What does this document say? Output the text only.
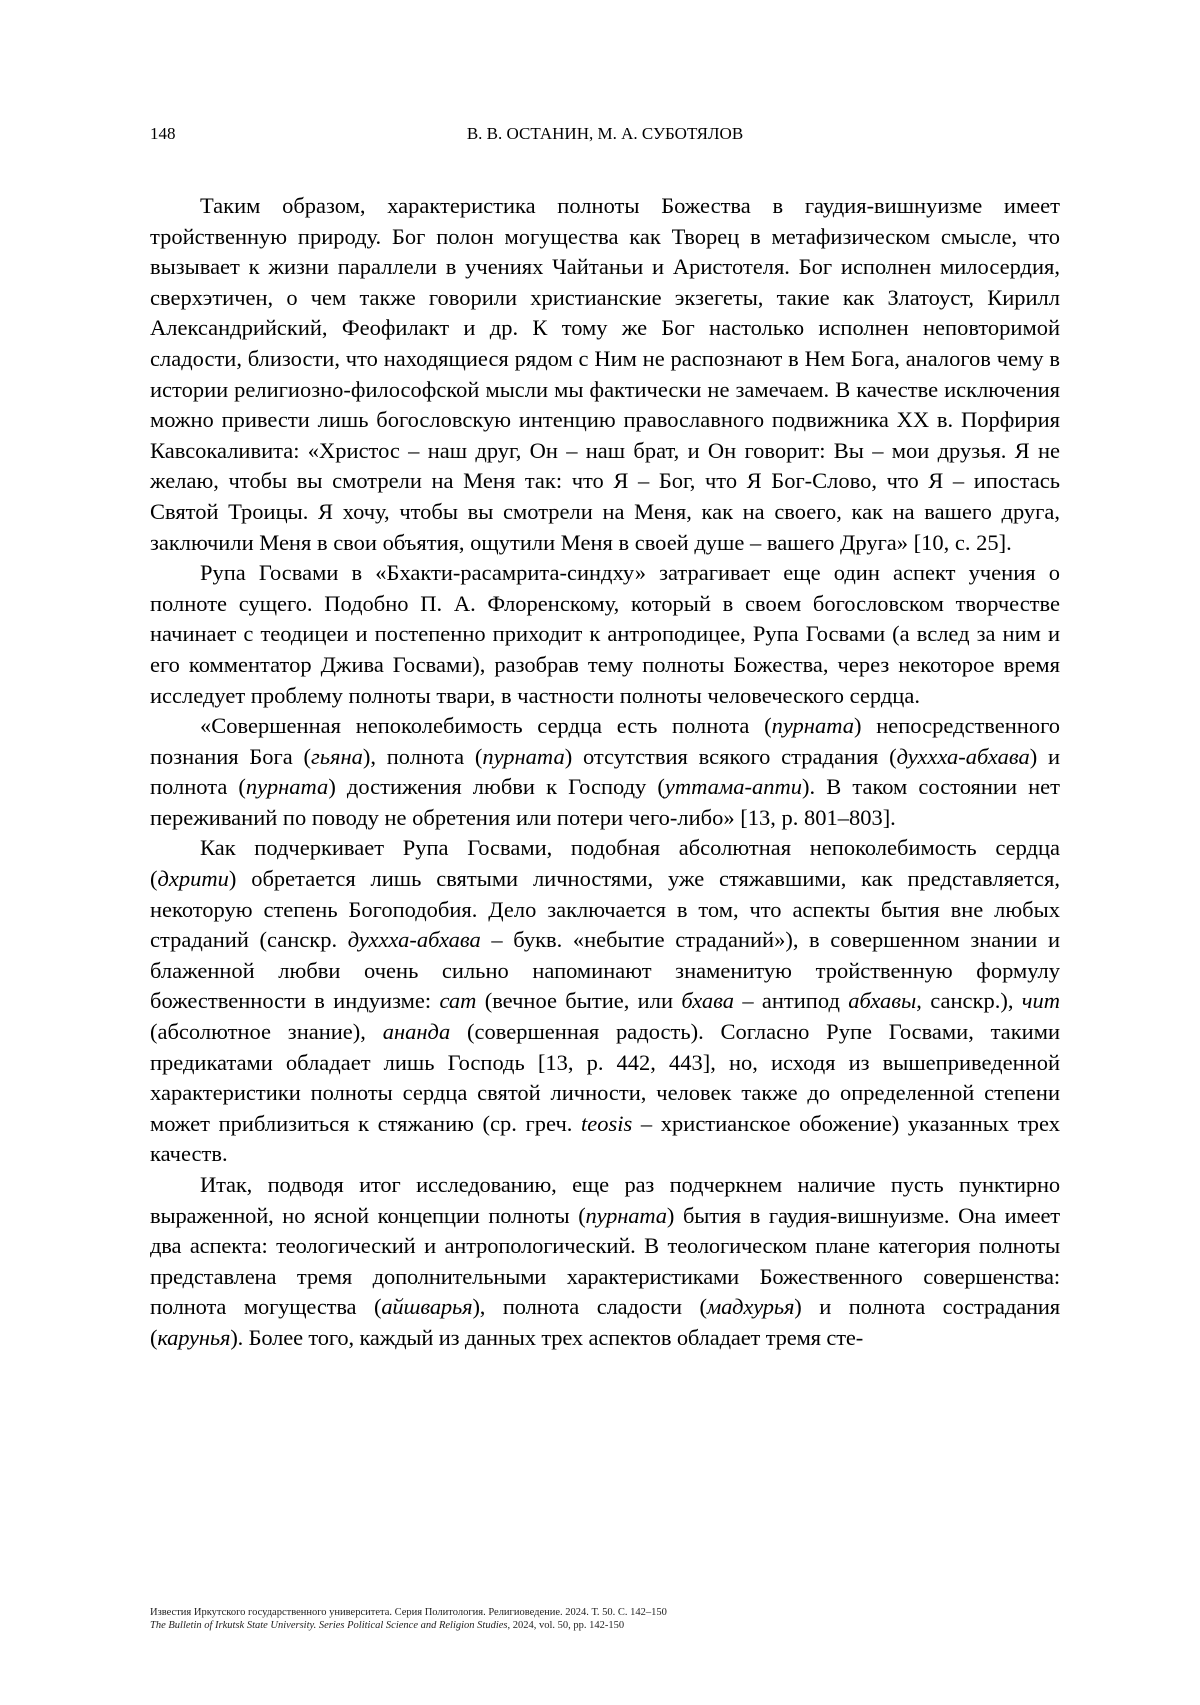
148	В. В. ОСТАНИН, М. А. СУБОТЯЛОВ

Таким образом, характеристика полноты Божества в гаудия-вишнуизме имеет тройственную природу. Бог полон могущества как Творец в метафизическом смысле, что вызывает к жизни параллели в учениях Чайтаньи и Аристотеля. Бог исполнен милосердия, сверхэтичен, о чем также говорили христианские экзегеты, такие как Златоуст, Кирилл Александрийский, Феофилакт и др. К тому же Бог настолько исполнен неповторимой сладости, близости, что находящиеся рядом с Ним не распознают в Нем Бога, аналогов чему в истории религиозно-философской мысли мы фактически не замечаем. В качестве исключения можно привести лишь богословскую интенцию православного подвижника XX в. Порфирия Кавсокаливита: «Христос – наш друг, Он – наш брат, и Он говорит: Вы – мои друзья. Я не желаю, чтобы вы смотрели на Меня так: что Я – Бог, что Я Бог-Слово, что Я – ипостась Святой Троицы. Я хочу, чтобы вы смотрели на Меня, как на своего, как на вашего друга, заключили Меня в свои объятия, ощутили Меня в своей душе – вашего Друга» [10, с. 25].

Рупа Госвами в «Бхакти-расамрита-синдху» затрагивает еще один аспект учения о полноте сущего. Подобно П. А. Флоренскому, который в своем богословском творчестве начинает с теодицеи и постепенно приходит к антроподицее, Рупа Госвами (а вслед за ним и его комментатор Джива Госвами), разобрав тему полноты Божества, через некоторое время исследует проблему полноты твари, в частности полноты человеческого сердца.

«Совершенная непоколебимость сердца есть полнота (пурната) непосредственного познания Бога (гьяна), полнота (пурната) отсутствия всякого страдания (духхха-абхава) и полнота (пурната) достижения любви к Господу (уттама-апти). В таком состоянии нет переживаний по поводу не обретения или потери чего-либо» [13, p. 801–803].

Как подчеркивает Рупа Госвами, подобная абсолютная непоколебимость сердца (дхрити) обретается лишь святыми личностями, уже стяжавшими, как представляется, некоторую степень Богоподобия. Дело заключается в том, что аспекты бытия вне любых страданий (санскр. духхха-абхава – букв. «небытие страданий»), в совершенном знании и блаженной любви очень сильно напоминают знаменитую тройственную формулу божественности в индуизме: сат (вечное бытие, или бхава – антипод абхавы, санскр.), чит (абсолютное знание), ананда (совершенная радость). Согласно Рупе Госвами, такими предикатами обладает лишь Господь [13, p. 442, 443], но, исходя из вышеприведенной характеристики полноты сердца святой личности, человек также до определенной степени может приблизиться к стяжанию (ср. греч. teosis – христианское обожение) указанных трех качеств.

Итак, подводя итог исследованию, еще раз подчеркнем наличие пусть пунктирно выраженной, но ясной концепции полноты (пурната) бытия в гаудия-вишнуизме. Она имеет два аспекта: теологический и антропологический. В теологическом плане категория полноты представлена тремя дополнительными характеристиками Божественного совершенства: полнота могущества (айшварья), полнота сладости (мадхурья) и полнота сострадания (карунья). Более того, каждый из данных трех аспектов обладает тремя сте-

Известия Иркутского государственного университета. Серия Политология. Религиоведение. 2024. Т. 50. С. 142–150
The Bulletin of Irkutsk State University. Series Political Science and Religion Studies, 2024, vol. 50, pp. 142-150
